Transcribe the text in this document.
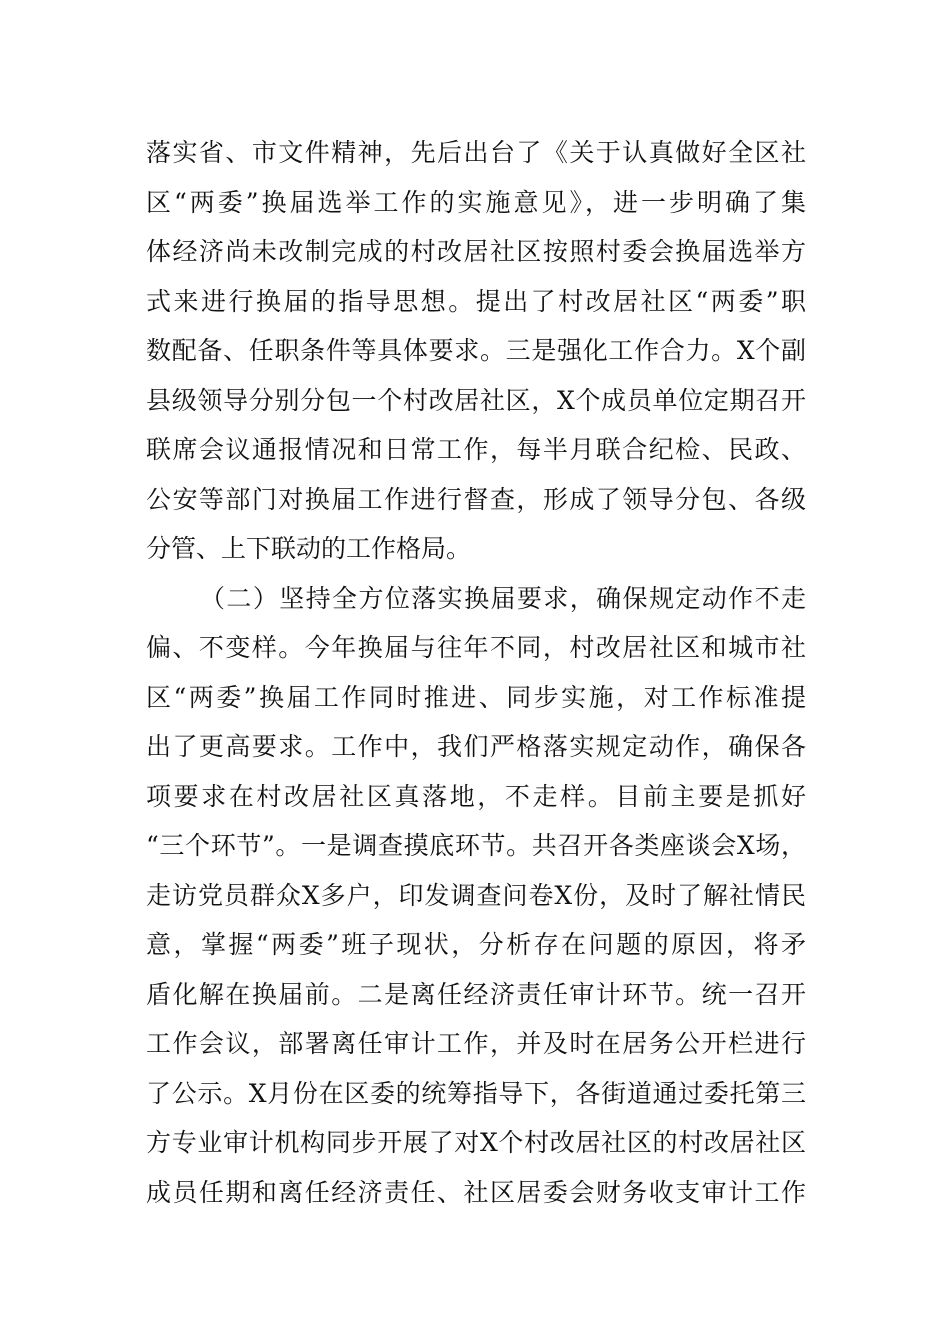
落实省、市文件精神，先后出台了《关于认真做好全区社
区“两委”换届选举工作的实施意见》，进一步明确了集
体经济尚未改制完成的村改居社区按照村委会换届选举方
式来进行换届的指导思想。提出了村改居社区“两委”职
数配备、任职条件等具体要求。三是强化工作合力。X个副
县级领导分别分包一个村改居社区，X个成员单位定期召开
联席会议通报情况和日常工作，每半月联合纪检、民政、
公安等部门对换届工作进行督查，形成了领导分包、各级
分管、上下联动的工作格局。
（二）坚持全方位落实换届要求，确保规定动作不走
偏、不变样。今年换届与往年不同，村改居社区和城市社
区“两委”换届工作同时推进、同步实施，对工作标准提
出了更高要求。工作中，我们严格落实规定动作，确保各
项要求在村改居社区真落地，不走样。目前主要是抓好
“三个环节”。一是调查摸底环节。共召开各类座谈会X场，
走访党员群众X多户，印发调查问卷X份，及时了解社情民
意，掌握“两委”班子现状，分析存在问题的原因，将矛
盾化解在换届前。二是离任经济责任审计环节。统一召开
工作会议，部署离任审计工作，并及时在居务公开栏进行
了公示。X月份在区委的统筹指导下，各街道通过委托第三
方专业审计机构同步开展了对X个村改居社区的村改居社区
成员任期和离任经济责任、社区居委会财务收支审计工作
